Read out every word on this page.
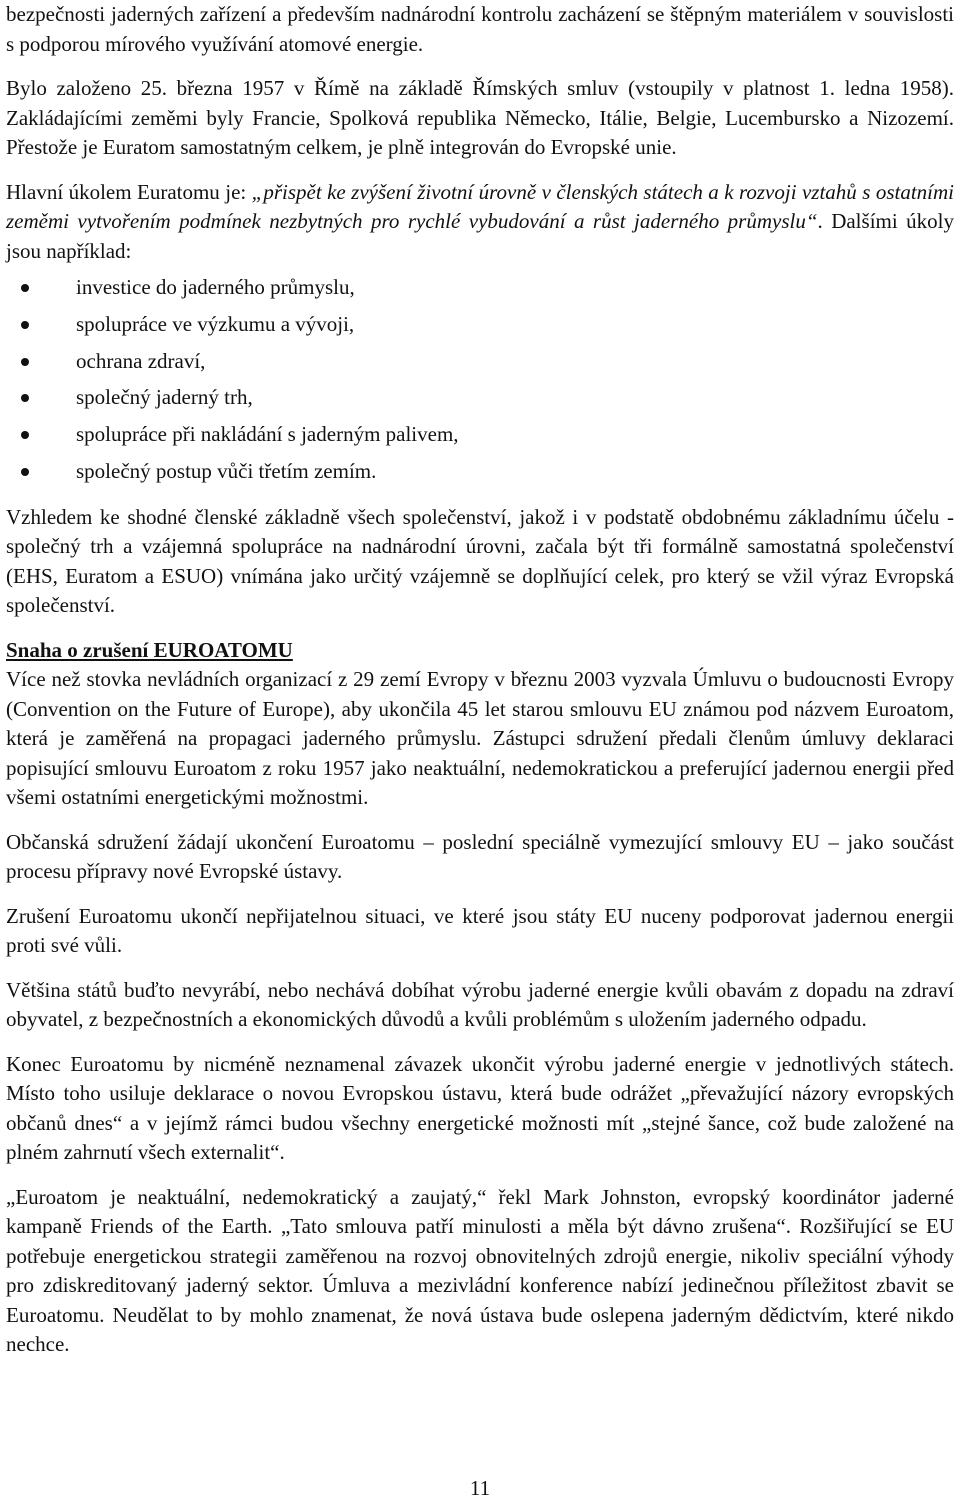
bezpečnosti jaderných zařízení a především nadnárodní kontrolu zacházení se štěpným materiálem v souvislosti s podporou mírového využívání atomové energie.

Bylo založeno 25. března 1957 v Římě na základě Římských smluv (vstoupily v platnost 1. ledna 1958). Zakládajícími zeměmi byly Francie, Spolková republika Německo, Itálie, Belgie, Lucembursko a Nizozemí. Přestože je Euratom samostatným celkem, je plně integrován do Evropské unie.

Hlavní úkolem Euratomu je: „přispět ke zvýšení životní úrovně v členských státech a k rozvoji vztahů s ostatními zeměmi vytvořením podmínek nezbytných pro rychlé vybudování a růst jaderného průmyslu“. Dalšími úkoly jsou například:

investice do jaderného průmyslu,
spolupráce ve výzkumu a vývoji,
ochrana zdraví,
společný jaderný trh,
spolupráce při nakládání s jaderným palivem,
společný postup vůči třetím zemím.

Vzhledem ke shodné členské základně všech společenství, jakož i v podstatě obdobnému základnímu účelu - společný trh a vzájemná spolupráce na nadnárodní úrovni, začala být tři formálně samostatná společenství (EHS, Euratom a ESUO) vnímána jako určitý vzájemně se doplňující celek, pro který se vžil výraz Evropská společenství.

Snaha o zrušení EUROATOMU

Více než stovka nevládních organizací z 29 zemí Evropy v březnu 2003 vyzvala Úmluvu o budoucnosti Evropy (Convention on the Future of Europe), aby ukončila 45 let starou smlouvu EU známou pod názvem Euroatom, která je zaměřená na propagaci jaderného průmyslu. Zástupci sdružení předali členům úmluvy deklaraci popisující smlouvu Euroatom z roku 1957 jako neaktuální, nedemokratickou a preferující jadernou energii před všemi ostatními energetickými možnostmi.

Občanská sdružení žádají ukončení Euroatomu – poslední speciálně vymezující smlouvy EU – jako součást procesu přípravy nové Evropské ústavy.

Zrušení Euroatomu ukončí nepřijatelnou situaci, ve které jsou státy EU nuceny podporovat jadernou energii proti své vůli.

Většina států buďto nevyrábí, nebo nechává dobíhat výrobu jaderné energie kvůli obavám z dopadu na zdraví obyvatel, z bezpečnostních a ekonomických důvodů a kvůli problémům s uložením jaderného odpadu.

Konec Euroatomu by nicméně neznamenal závazek ukončit výrobu jaderné energie v jednotlivých státech. Místo toho usiluje deklarace o novou Evropskou ústavu, která bude odrážet „převažující názory evropských občanů dnes“ a v jejímž rámci budou všechny energetické možnosti mít „stejné šance, což bude založené na plném zahrnutí všech externalit“.

„Euroatom je neaktuální, nedemokratický a zaujatý,“ řekl Mark Johnston, evropský koordinátor jaderné kampaně Friends of the Earth. „Tato smlouva patří minulosti a měla být dávno zrušena“. Rozšiřující se EU potřebuje energetickou strategii zaměřenou na rozvoj obnovitelných zdrojů energie, nikoliv speciální výhody pro zdiskreditovaný jaderný sektor. Úmluva a mezivládní konference nabízí jedinečnou příležitost zbavit se Euroatomu. Neudělat to by mohlo znamenat, že nová ústava bude oslepena jaderným dědictvím, které nikdo nechce.

11
